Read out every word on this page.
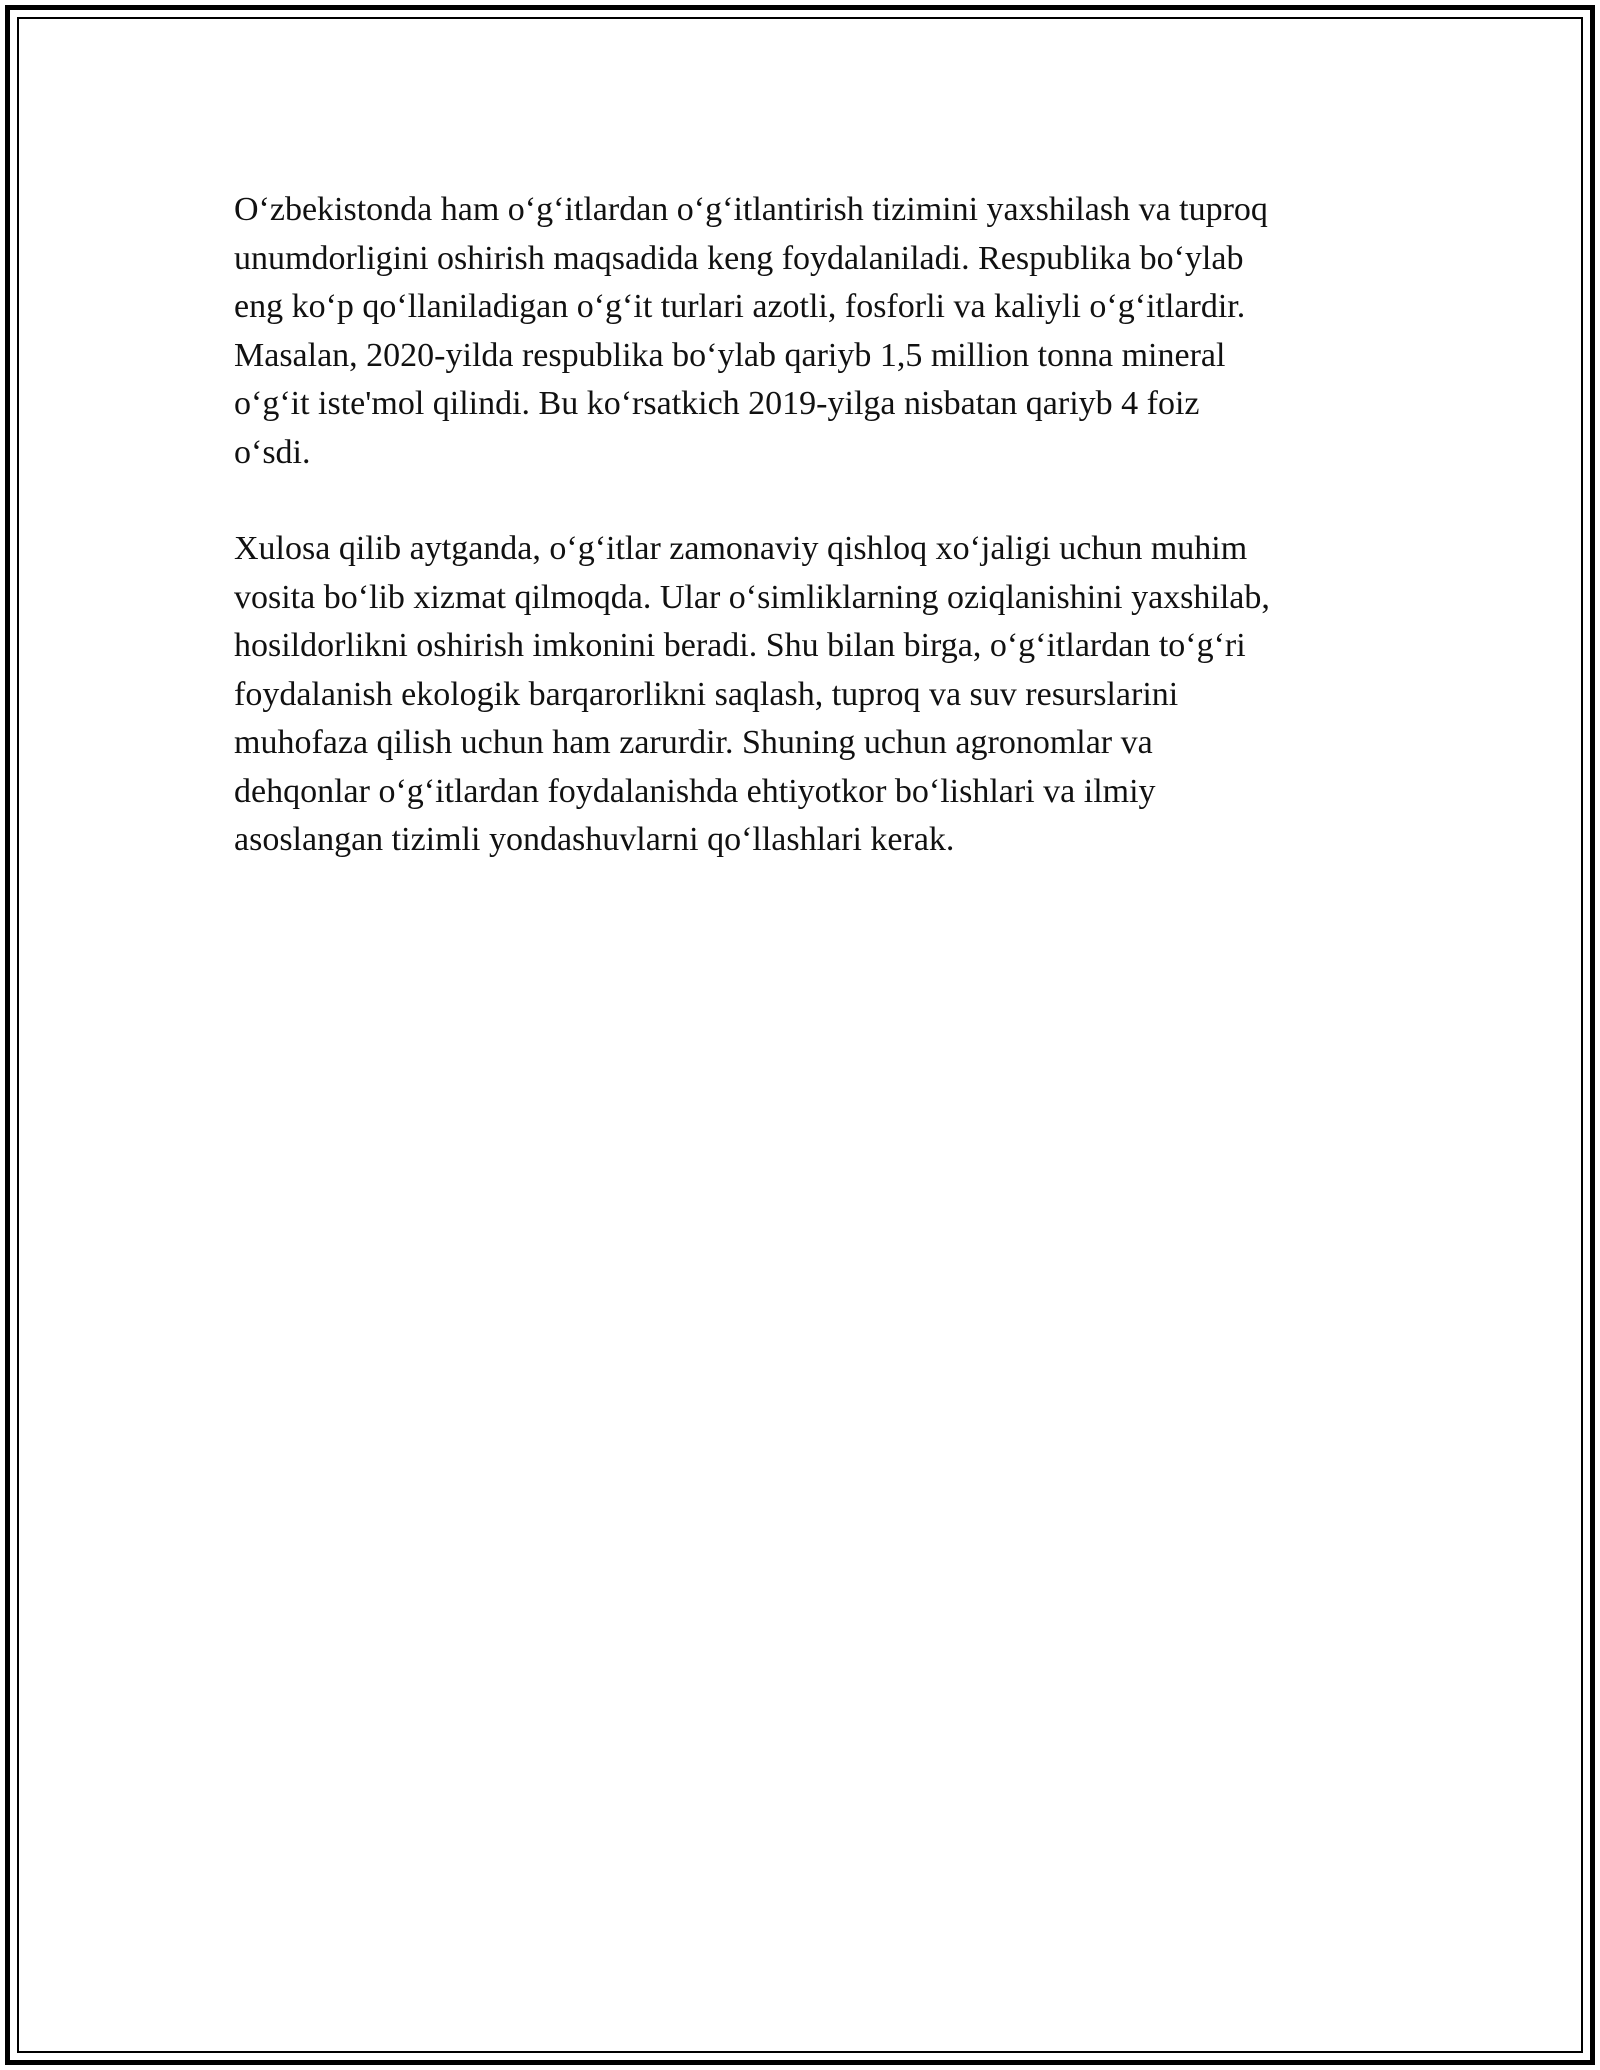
O‘zbekistonda ham o‘g‘itlardan o‘g‘itlantirish tizimini yaxshilash va tuproq
unumdorligini oshirish maqsadida keng foydalaniladi. Respublika bo‘ylab
eng ko‘p qo‘llaniladigan o‘g‘it turlari azotli, fosforli va kaliyli o‘g‘itlardir.
Masalan, 2020-yilda respublika bo‘ylab qariyb 1,5 million tonna mineral
o‘g‘it iste'mol qilindi. Bu ko‘rsatkich 2019-yilga nisbatan qariyb 4 foiz
o‘sdi.

Xulosa qilib aytganda, o‘g‘itlar zamonaviy qishloq xo‘jaligi uchun muhim
vosita bo‘lib xizmat qilmoqda. Ular o‘simliklarning oziqlanishini yaxshilab,
hosildorlikni oshirish imkonini beradi. Shu bilan birga, o‘g‘itlardan to‘g‘ri
foydalanish ekologik barqarorlikni saqlash, tuproq va suv resurslarini
muhofaza qilish uchun ham zarurdir. Shuning uchun agronomlar va
dehqonlar o‘g‘itlardan foydalanishda ehtiyotkor bo‘lishlari va ilmiy
asoslangan tizimli yondashuvlarni qo‘llashlari kerak.
